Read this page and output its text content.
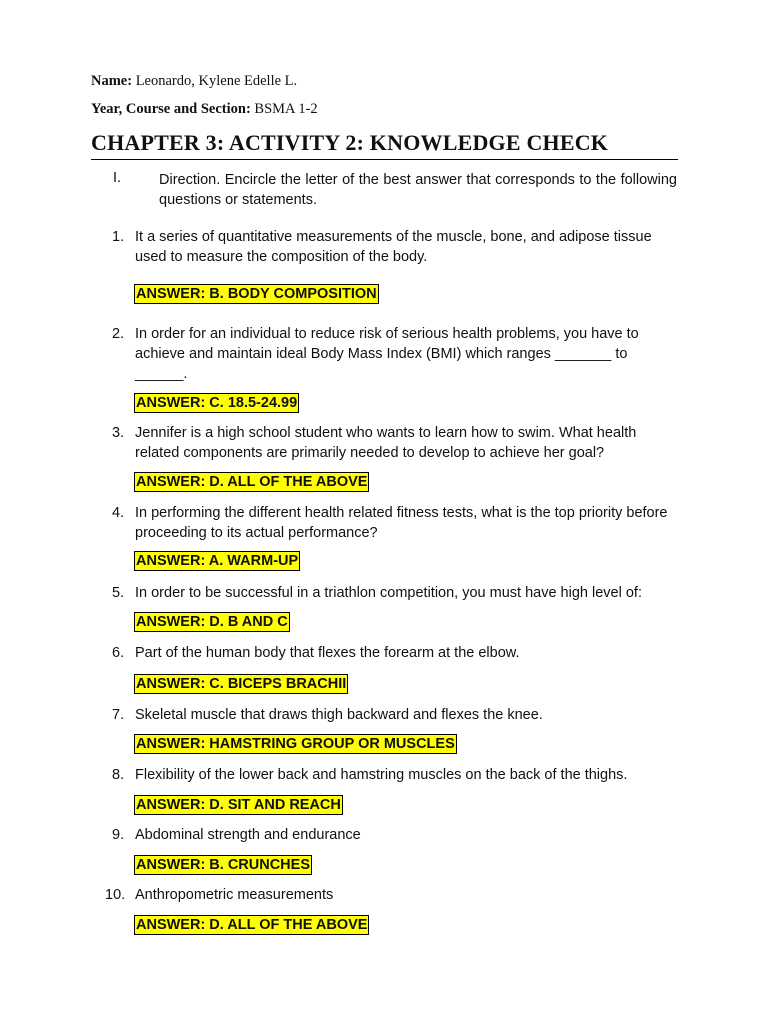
Name: Leonardo, Kylene Edelle L.
Year, Course and Section: BSMA 1-2
CHAPTER 3: ACTIVITY 2: KNOWLEDGE CHECK
I.	Direction. Encircle the letter of the best answer that corresponds to the following questions or statements.
1. It a series of quantitative measurements of the muscle, bone, and adipose tissue used to measure the composition of the body.
ANSWER: B. BODY COMPOSITION
2. In order for an individual to reduce risk of serious health problems, you have to achieve and maintain ideal Body Mass Index (BMI) which ranges _______ to ______.
ANSWER: C. 18.5-24.99
3. Jennifer is a high school student who wants to learn how to swim. What health related components are primarily needed to develop to achieve her goal?
ANSWER: D. ALL OF THE ABOVE
4. In performing the different health related fitness tests, what is the top priority before proceeding to its actual performance?
ANSWER: A. WARM-UP
5. In order to be successful in a triathlon competition, you must have high level of:
ANSWER: D. B AND C
6. Part of the human body that flexes the forearm at the elbow.
ANSWER: C. BICEPS BRACHII
7. Skeletal muscle that draws thigh backward and flexes the knee.
ANSWER: HAMSTRING GROUP OR MUSCLES
8. Flexibility of the lower back and hamstring muscles on the back of the thighs.
ANSWER: D. SIT AND REACH
9. Abdominal strength and endurance
ANSWER: B. CRUNCHES
10. Anthropometric measurements
ANSWER: D. ALL OF THE ABOVE
